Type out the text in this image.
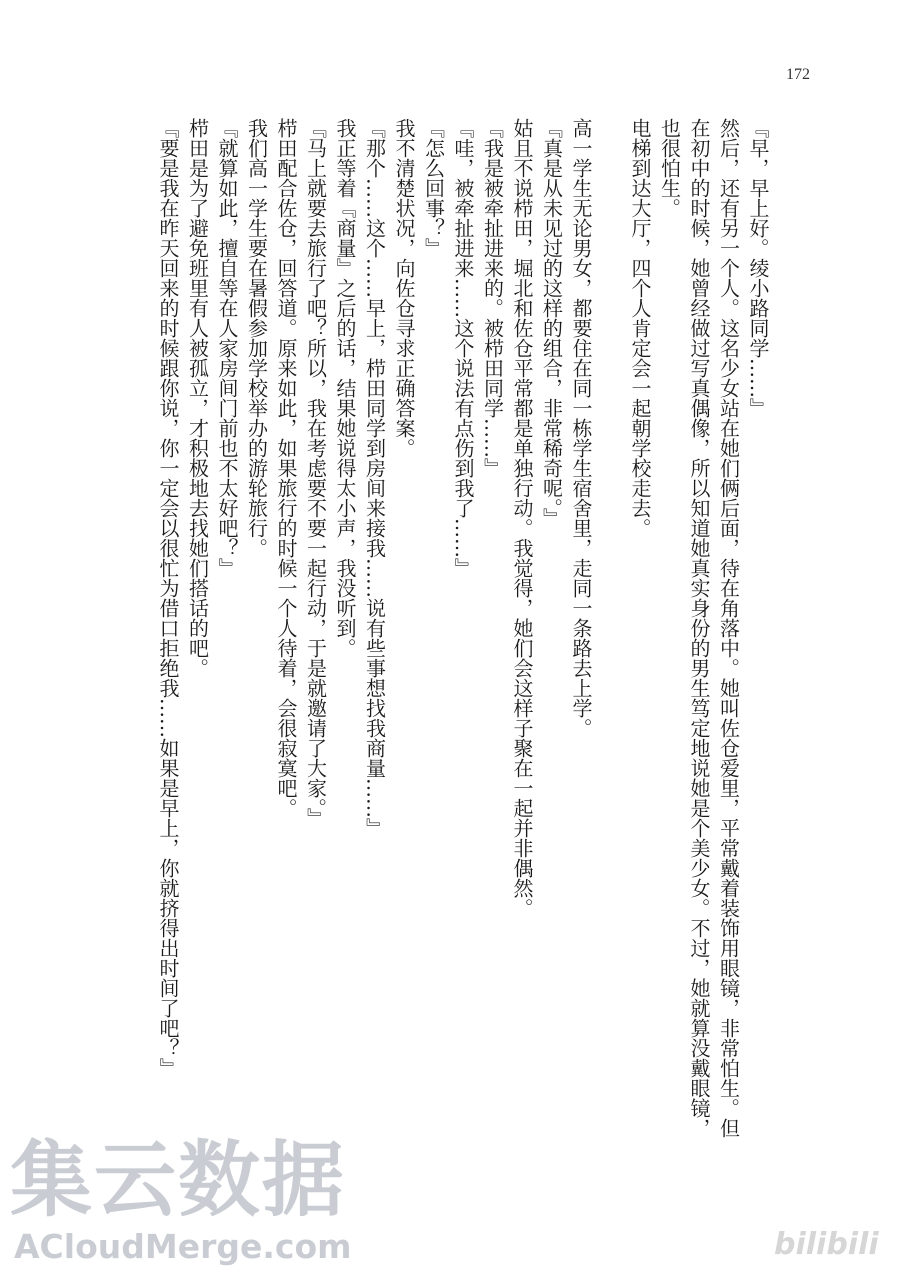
172

『早，早上好。绫小路同学……』

然后，还有另一个人。这名少女站在她们俩后面，待在角落中。她叫佐仓爱里，平常戴着装饰用眼镜，非常怕生。但在初中的时候，她曾经做过写真偶像，所以知道她真实身份的男生笃定地说她是个美少女。不过，她就算没戴眼镜，也很怕生。

电梯到达大厅，四个人肯定会一起朝学校走去。

高一学生无论男女，都要住在同一栋学生宿舍里，走同一条路去上学。

『真是从未见过的这样的组合，非常稀奇呢。』

姑且不说栉田，堀北和佐仓平常都是单独行动。我觉得，她们会这样子聚在一起并非偶然。

『我是被牵扯进来的。被栉田同学……』

『哇，被牵扯进来……这个说法有点伤到我了……』

『怎么回事？』

我不清楚状况，向佐仓寻求正确答案。

『那个……这个……早上，栉田同学到房间来接我……说有些事想找我商量……』

我正等着『商量』之后的话，结果她说得太小声，我没听到。

『马上就要去旅行了吧？所以，我在考虑要不要一起行动，于是就邀请了大家。』

栉田配合佐仓，回答道。原来如此，如果旅行的时候一个人待着，会很寂寞吧。

我们高一学生要在暑假参加学校举办的游轮旅行。

『就算如此，擅自等在人家房间门前也不太好吧？』

栉田是为了避免班里有人被孤立，才积极地去找她们搭话的吧。

『要是我在昨天回来的时候跟你说，你一定会以很忙为借口拒绝我……如果是早上，你就挤得出时间了吧？』

集云数据
ACloudMerge.com	bilibili
